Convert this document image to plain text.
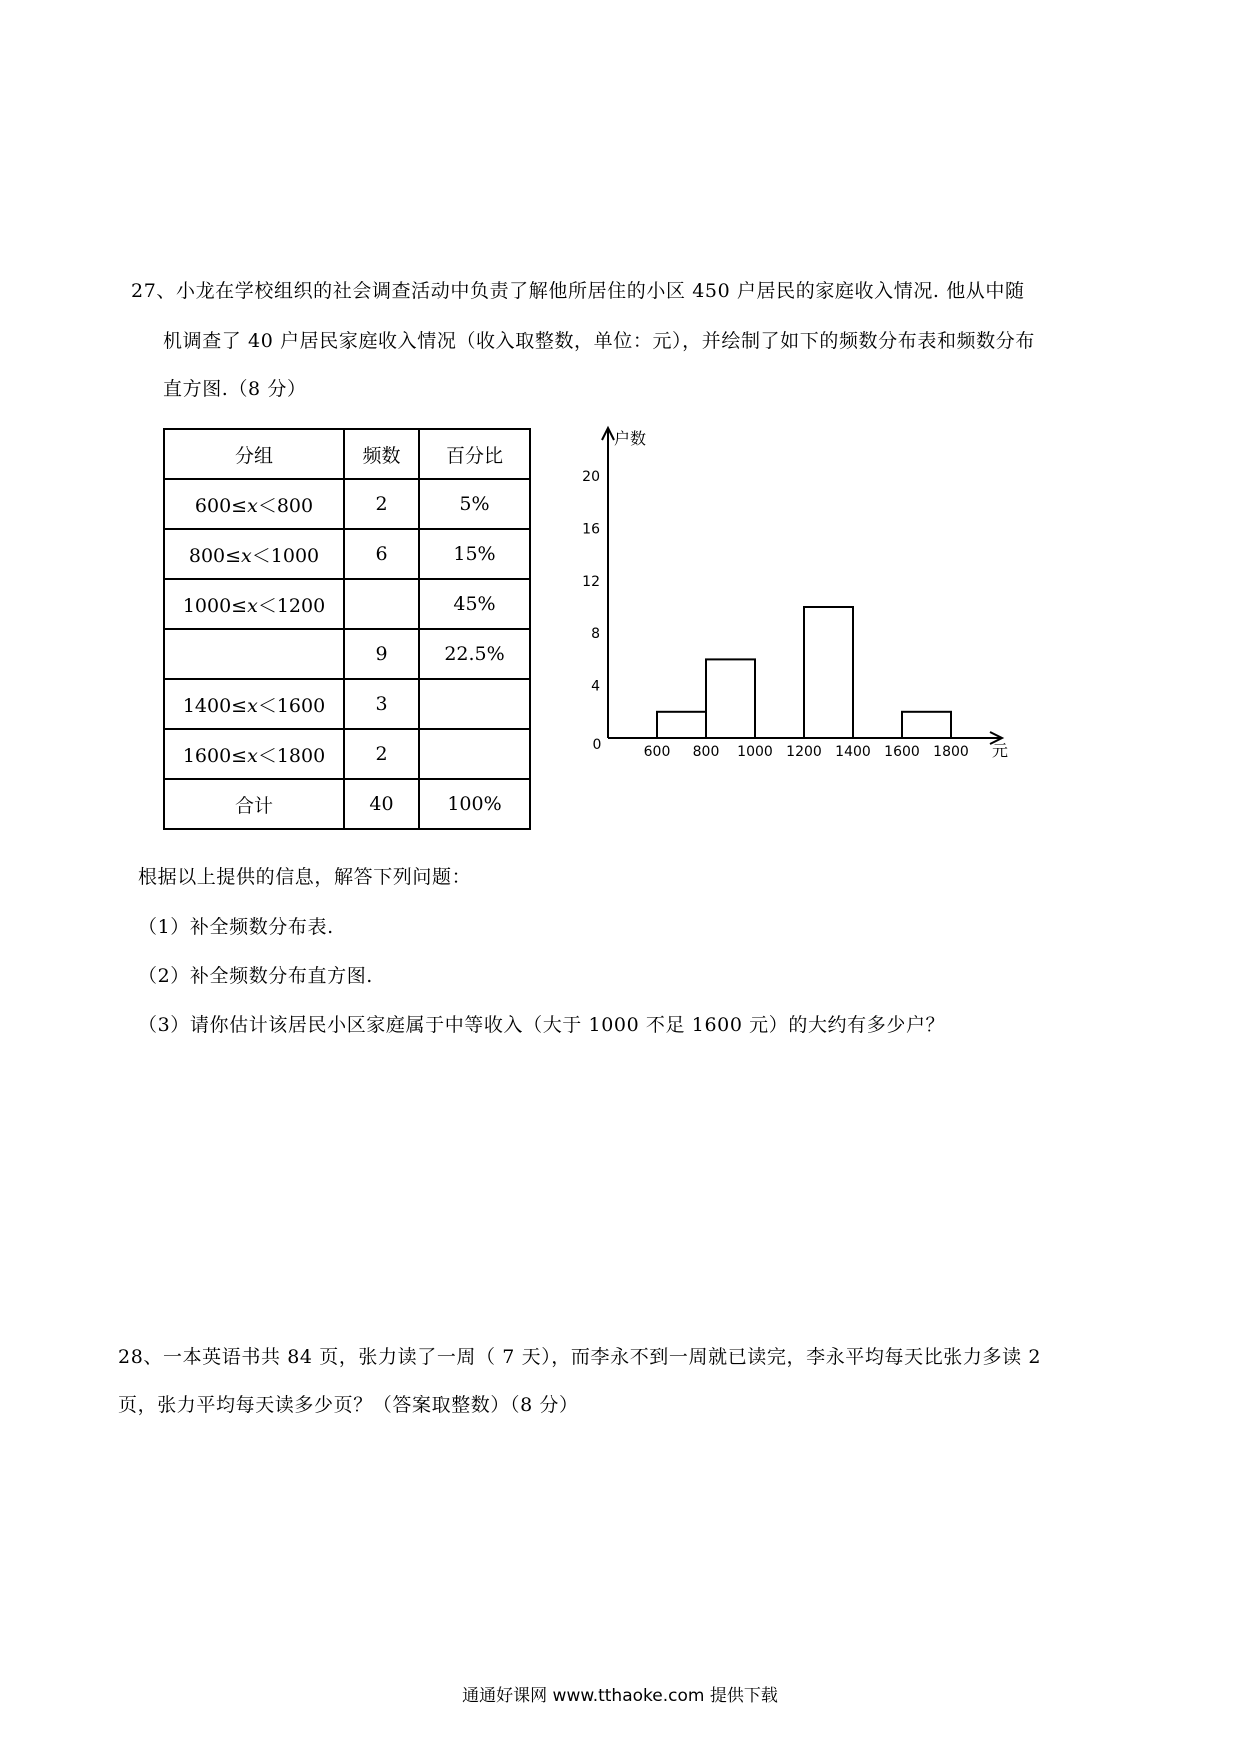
27、小龙在学校组织的社会调查活动中负责了解他所居住的小区 450 户居民的家庭收入情况. 他从中随
机调查了 40 户居民家庭收入情况（收入取整数，单位：元），并绘制了如下的频数分布表和频数分布
直方图.（8 分）
分组	频数	百分比
600≤x＜800	2	5%
800≤x＜1000	6	15%
1000≤x＜1200		45%
	9	22.5%
1400≤x＜1600	3	
1600≤x＜1800	2	
合计	40	100%
户数
元
0
4
8
12
16
20
600 800 1000 1200 1400 1600 1800
根据以上提供的信息，解答下列问题：
（1）补全频数分布表.
（2）补全频数分布直方图.
（3）请你估计该居民小区家庭属于中等收入（大于 1000 不足 1600 元）的大约有多少户？
28、一本英语书共 84 页，张力读了一周（ 7 天），而李永不到一周就已读完，李永平均每天比张力多读 2
页，张力平均每天读多少页？（答案取整数）（8 分）
通通好课网 www.tthaoke.com 提供下载
